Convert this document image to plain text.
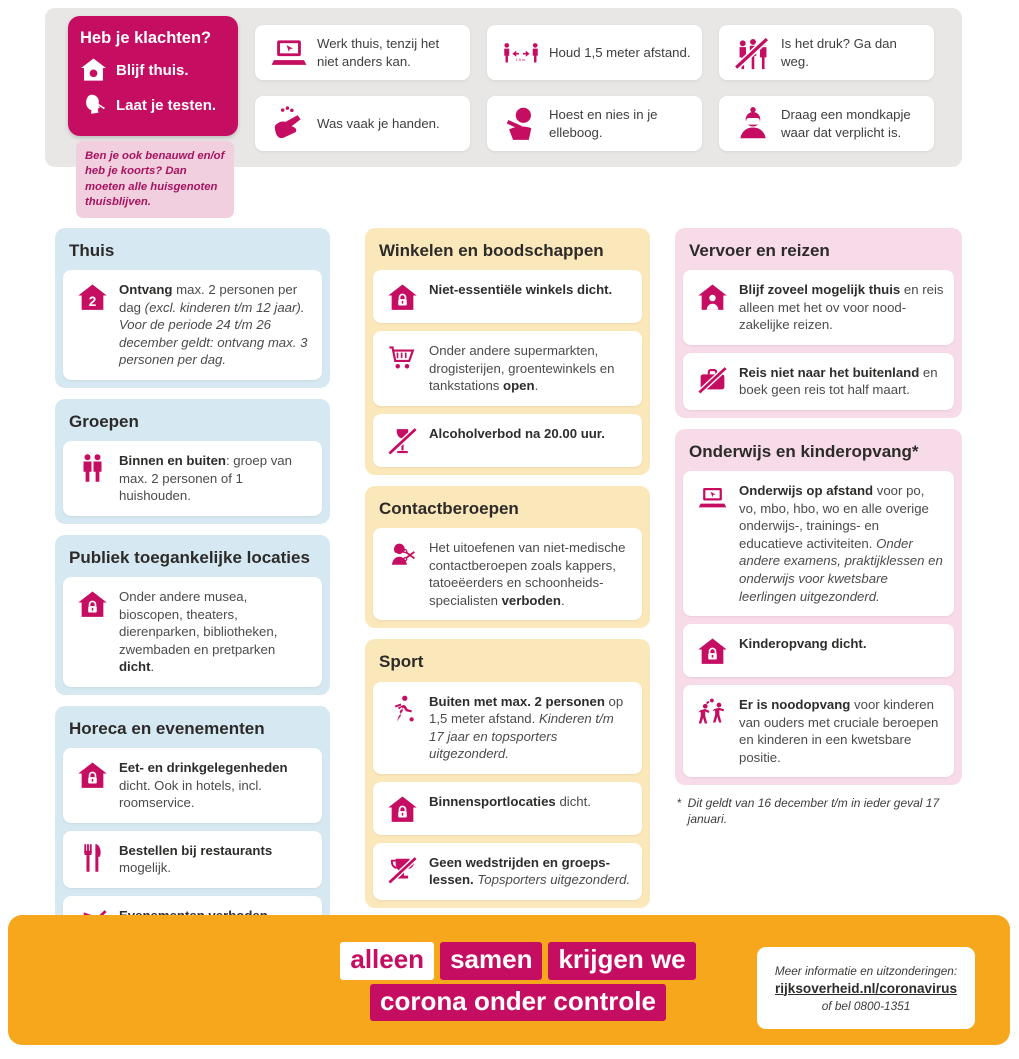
Heb je klachten?
Blijf thuis.
Laat je testen.
Ben je ook benauwd en/of heb je koorts? Dan moeten alle huisgenoten thuisblijven.
Werk thuis, tenzij het niet anders kan.
Was vaak je handen.
1,5 m.	Houd 1,5 meter afstand.
Hoest en nies in je elleboog.
Is het druk? Ga dan weg.
Draag een mondkapje waar dat verplicht is.
Thuis
2
Ontvang max. 2 personen per dag (excl. kinderen t/m 12 jaar). Voor de periode 24 t/m 26 december geldt: ontvang max. 3 personen per dag.
Groepen
Binnen en buiten: groep van max. 2 personen of 1 huishouden.
Publiek toegankelijke locaties
Onder andere musea, bioscopen, theaters, dierenparken, bibliotheken, zwembaden en pretparken dicht.
Horeca en evenementen
Eet- en drinkgelegenheden dicht. Ook in hotels, incl. roomservice.
Bestellen bij restaurants mogelijk.
Winkelen en boodschappen
Niet-essentiële winkels dicht.
Onder andere supermarkten, drogisterijen, groentewinkels en tankstations open.
Alcoholverbod na 20.00 uur.
Contactberoepen
Het uitoefenen van niet-medische contactberoepen zoals kappers, tatoeëerders en schoonheids-specialisten verboden.
Sport
Buiten met max. 2 personen op 1,5 meter afstand. Kinderen t/m 17 jaar en topsporters uitgezonderd.
Binnensportlocaties dicht.
Geen wedstrijden en groeps-lessen. Topsporters uitgezonderd.
Vervoer en reizen
Blijf zoveel mogelijk thuis en reis alleen met het ov voor nood-zakelijke reizen.
Reis niet naar het buitenland en boek geen reis tot half maart.
Onderwijs en kinderopvang*
Onderwijs op afstand voor po, vo, mbo, hbo, wo en alle overige onderwijs-, trainings- en educatieve activiteiten. Onder andere examens, praktijklessen en onderwijs voor kwetsbare leerlingen uitgezonderd.
Kinderopvang dicht.
Er is noodopvang voor kinderen van ouders met cruciale beroepen en kinderen in een kwetsbare positie.
* Dit geldt van 16 december t/m in ieder geval 17 januari.
alleen samen krijgen we
corona onder controle
Meer informatie en uitzonderingen:
rijksoverheid.nl/coronavirus
of bel 0800-1351
